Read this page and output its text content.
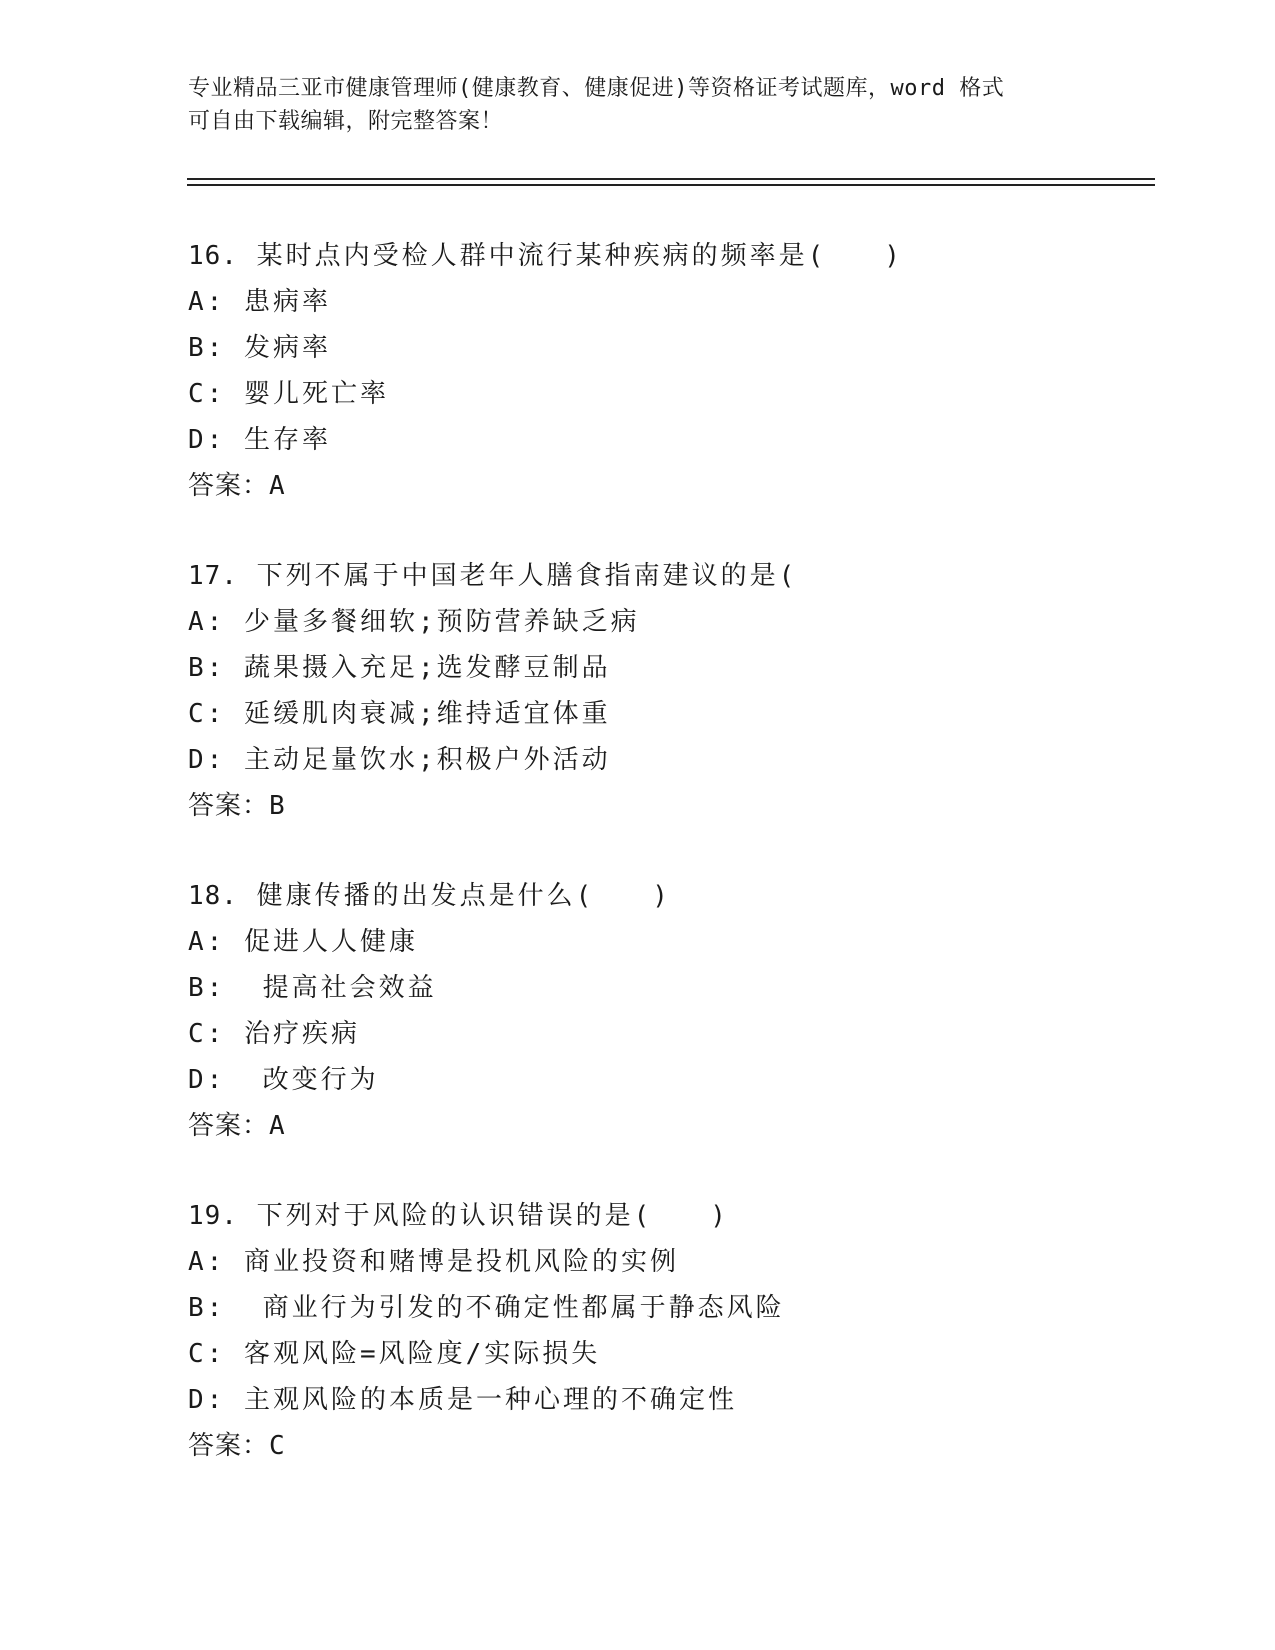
专业精品三亚市健康管理师(健康教育、健康促进)等资格证考试题库，word 格式
可自由下载编辑，附完整答案！
16. 某时点内受检人群中流行某种疾病的频率是(　　)
A: 患病率
B: 发病率
C: 婴儿死亡率
D: 生存率
答案：A
17. 下列不属于中国老年人膳食指南建议的是(
A: 少量多餐细软;预防营养缺乏病
B: 蔬果摄入充足;选发酵豆制品
C: 延缓肌肉衰减;维持适宜体重
D: 主动足量饮水;积极户外活动
答案：B
18. 健康传播的出发点是什么(　　)
A: 促进人人健康
B:  提高社会效益
C: 治疗疾病
D:  改变行为
答案：A
19. 下列对于风险的认识错误的是(　　)
A: 商业投资和赌博是投机风险的实例
B:  商业行为引发的不确定性都属于静态风险
C: 客观风险=风险度/实际损失
D: 主观风险的本质是一种心理的不确定性
答案：C
